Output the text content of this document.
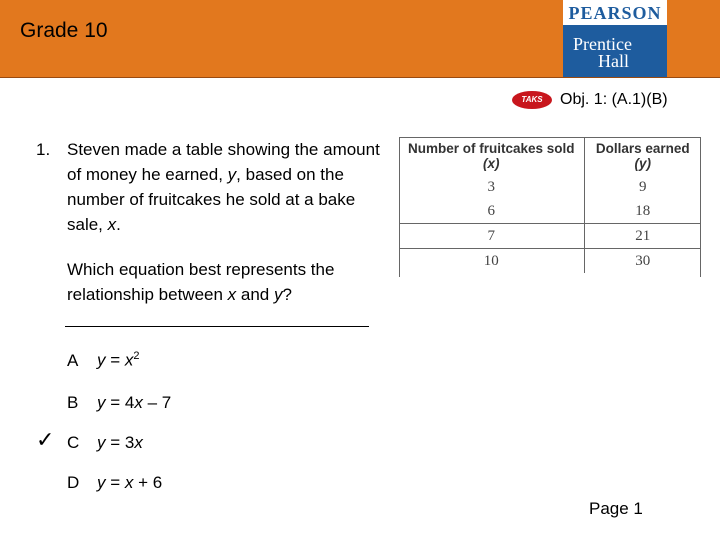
Grade 10
PEARSON
Prentice
Hall
TAKS	Obj. 1: (A.1)(B)
1. Steven made a table showing the amount of money he earned, y, based on the number of fruitcakes he sold at a bake sale, x.
Which equation best represents the relationship between x and y?
Number of fruitcakes sold (x)	Dollars earned (y)
3	9
6	18
7	21
10	30
A $y = x^2$
B y = 4x – 7
✓ C y = 3x
D y = x + 6
Page 1
